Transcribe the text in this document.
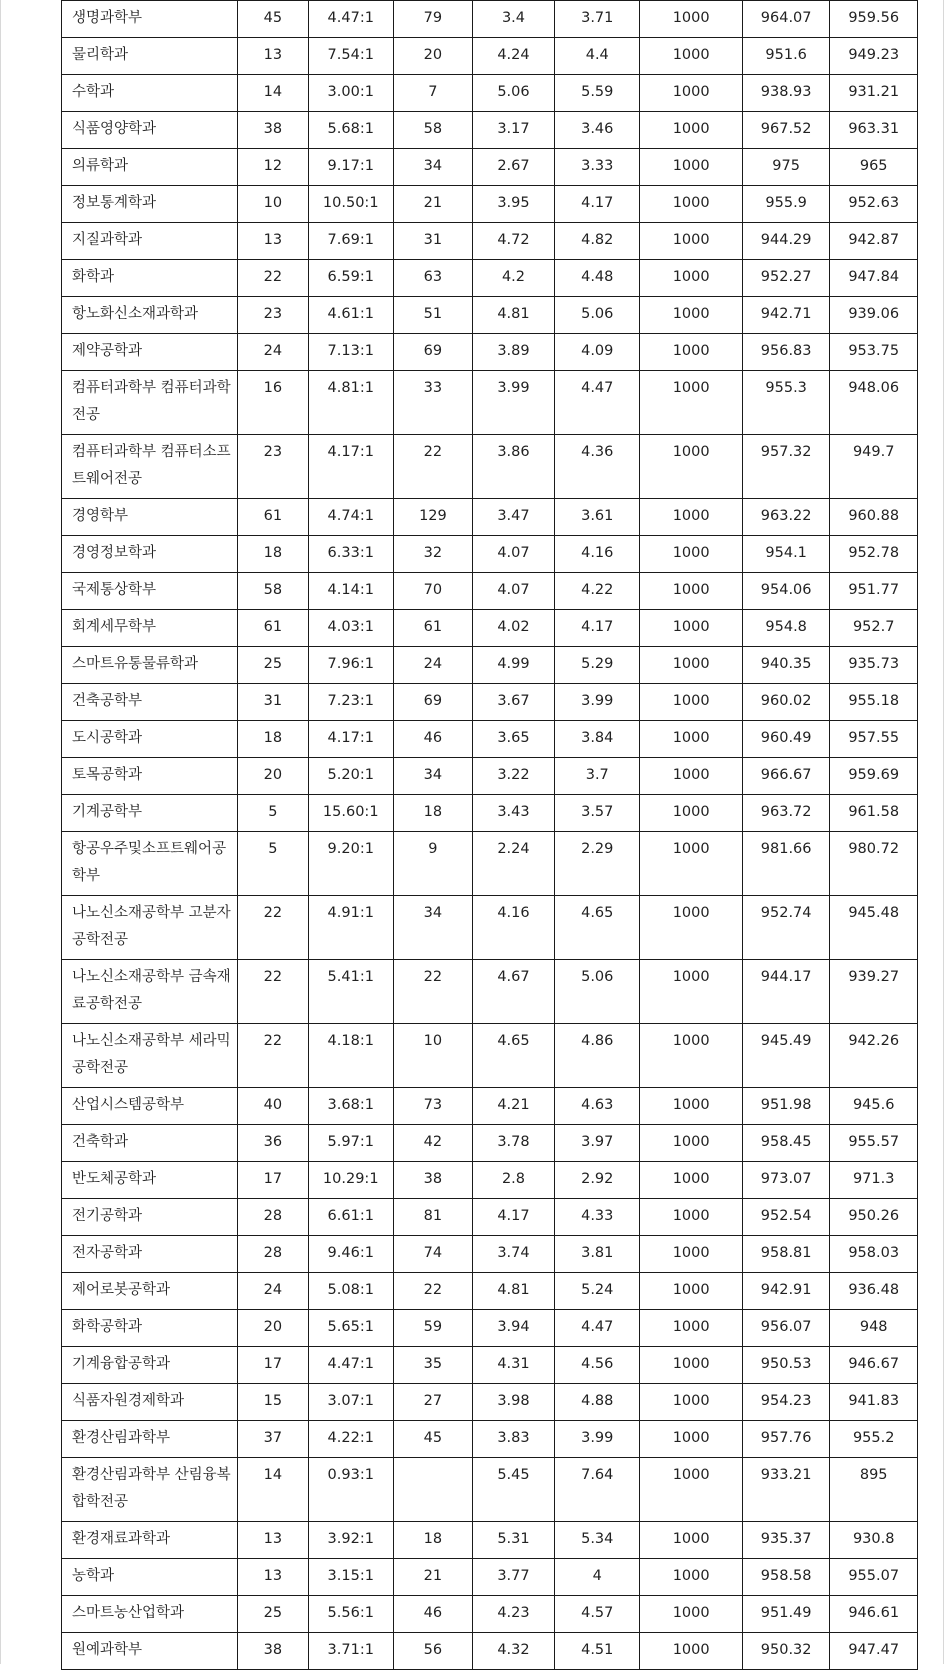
생명과학부	45	4.47:1	79	3.4	3.71	1000	964.07	959.56
물리학과	13	7.54:1	20	4.24	4.4	1000	951.6	949.23
수학과	14	3.00:1	7	5.06	5.59	1000	938.93	931.21
식품영양학과	38	5.68:1	58	3.17	3.46	1000	967.52	963.31
의류학과	12	9.17:1	34	2.67	3.33	1000	975	965
정보통계학과	10	10.50:1	21	3.95	4.17	1000	955.9	952.63
지질과학과	13	7.69:1	31	4.72	4.82	1000	944.29	942.87
화학과	22	6.59:1	63	4.2	4.48	1000	952.27	947.84
항노화신소재과학과	23	4.61:1	51	4.81	5.06	1000	942.71	939.06
제약공학과	24	7.13:1	69	3.89	4.09	1000	956.83	953.75
컴퓨터과학부 컴퓨터과학전공	16	4.81:1	33	3.99	4.47	1000	955.3	948.06
컴퓨터과학부 컴퓨터소프트웨어전공	23	4.17:1	22	3.86	4.36	1000	957.32	949.7
경영학부	61	4.74:1	129	3.47	3.61	1000	963.22	960.88
경영정보학과	18	6.33:1	32	4.07	4.16	1000	954.1	952.78
국제통상학부	58	4.14:1	70	4.07	4.22	1000	954.06	951.77
회계세무학부	61	4.03:1	61	4.02	4.17	1000	954.8	952.7
스마트유통물류학과	25	7.96:1	24	4.99	5.29	1000	940.35	935.73
건축공학부	31	7.23:1	69	3.67	3.99	1000	960.02	955.18
도시공학과	18	4.17:1	46	3.65	3.84	1000	960.49	957.55
토목공학과	20	5.20:1	34	3.22	3.7	1000	966.67	959.69
기계공학부	5	15.60:1	18	3.43	3.57	1000	963.72	961.58
항공우주및소프트웨어공학부	5	9.20:1	9	2.24	2.29	1000	981.66	980.72
나노신소재공학부 고분자공학전공	22	4.91:1	34	4.16	4.65	1000	952.74	945.48
나노신소재공학부 금속재료공학전공	22	5.41:1	22	4.67	5.06	1000	944.17	939.27
나노신소재공학부 세라믹공학전공	22	4.18:1	10	4.65	4.86	1000	945.49	942.26
산업시스템공학부	40	3.68:1	73	4.21	4.63	1000	951.98	945.6
건축학과	36	5.97:1	42	3.78	3.97	1000	958.45	955.57
반도체공학과	17	10.29:1	38	2.8	2.92	1000	973.07	971.3
전기공학과	28	6.61:1	81	4.17	4.33	1000	952.54	950.26
전자공학과	28	9.46:1	74	3.74	3.81	1000	958.81	958.03
제어로봇공학과	24	5.08:1	22	4.81	5.24	1000	942.91	936.48
화학공학과	20	5.65:1	59	3.94	4.47	1000	956.07	948
기계융합공학과	17	4.47:1	35	4.31	4.56	1000	950.53	946.67
식품자원경제학과	15	3.07:1	27	3.98	4.88	1000	954.23	941.83
환경산림과학부	37	4.22:1	45	3.83	3.99	1000	957.76	955.2
환경산림과학부 산림융복합학전공	14	0.93:1		5.45	7.64	1000	933.21	895
환경재료과학과	13	3.92:1	18	5.31	5.34	1000	935.37	930.8
농학과	13	3.15:1	21	3.77	4	1000	958.58	955.07
스마트농산업학과	25	5.56:1	46	4.23	4.57	1000	951.49	946.61
원예과학부	38	3.71:1	56	4.32	4.51	1000	950.32	947.47
